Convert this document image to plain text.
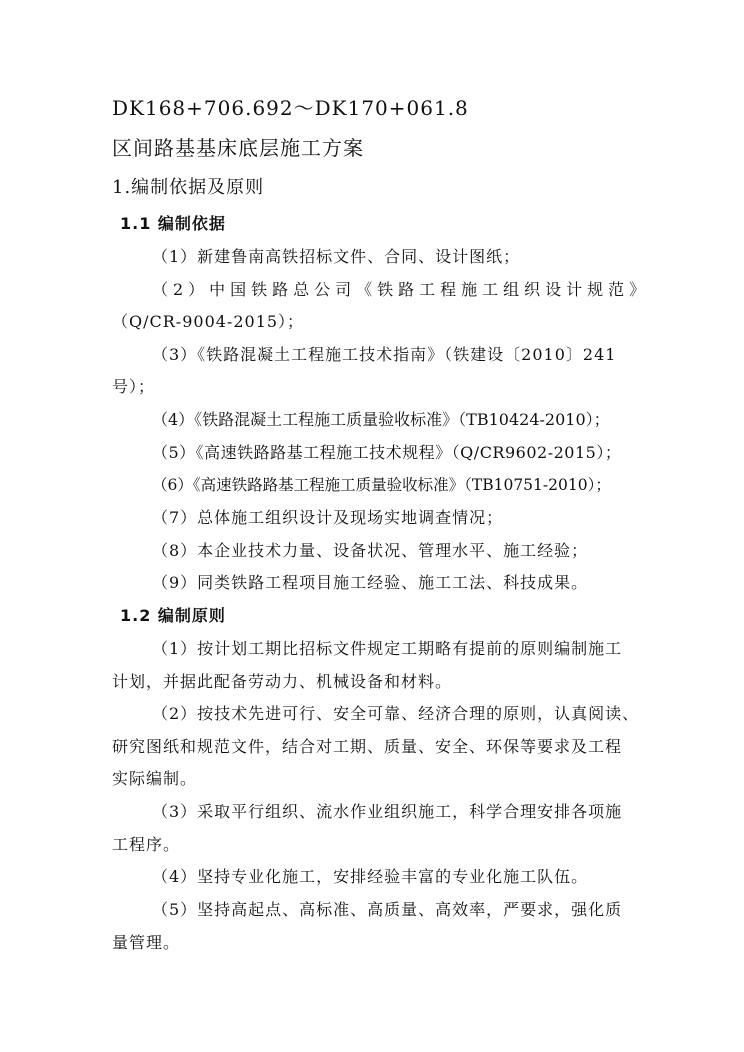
DK168+706.692～DK170+061.8
区间路基基床底层施工方案
1.编制依据及原则
1.1 编制依据
（1）新建鲁南高铁招标文件、合同、设计图纸；
（2）中国铁路总公司《铁路工程施工组织设计规范》
（Q/CR-9004-2015）；
（3）《铁路混凝土工程施工技术指南》（铁建设〔2010〕241
号）；
（4）《铁路混凝土工程施工质量验收标准》（TB10424-2010）；
（5）《高速铁路路基工程施工技术规程》（Q/CR9602-2015）；
（6）《高速铁路路基工程施工质量验收标准》（TB10751-2010）；
（7）总体施工组织设计及现场实地调查情况；
（8）本企业技术力量、设备状况、管理水平、施工经验；
（9）同类铁路工程项目施工经验、施工工法、科技成果。
1.2 编制原则
（1）按计划工期比招标文件规定工期略有提前的原则编制施工
计划，并据此配备劳动力、机械设备和材料。
（2）按技术先进可行、安全可靠、经济合理的原则，认真阅读、
研究图纸和规范文件，结合对工期、质量、安全、环保等要求及工程
实际编制。
（3）采取平行组织、流水作业组织施工，科学合理安排各项施
工程序。
（4）坚持专业化施工，安排经验丰富的专业化施工队伍。
（5）坚持高起点、高标准、高质量、高效率，严要求，强化质
量管理。
